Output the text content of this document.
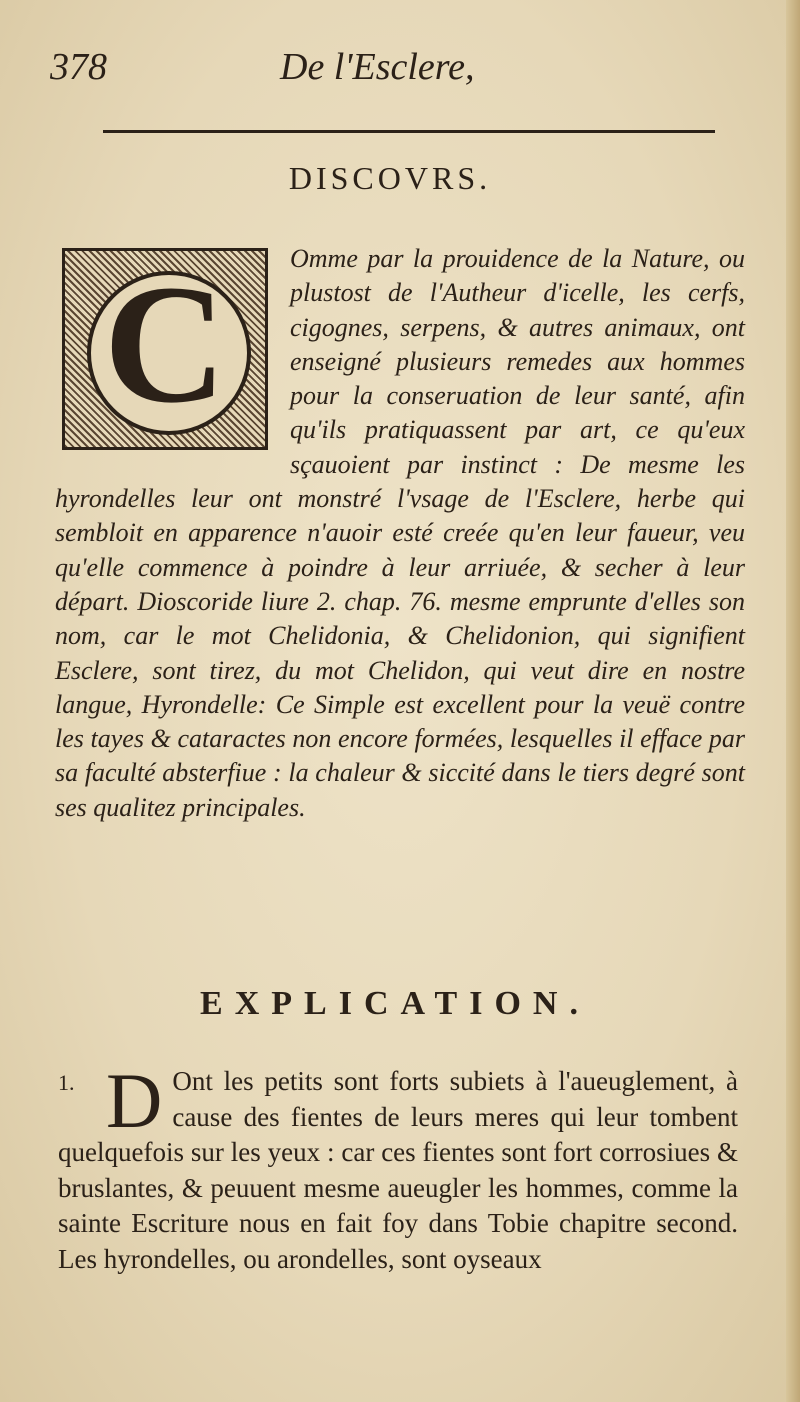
378	De l'Esclere,
DISCOVRS.
C	Omme par la prouidence de la Nature, ou plustost de l'Autheur d'icelle, les cerfs, cigognes, serpens, & autres animaux, ont enseigné plusieurs remedes aux hommes pour la conseruation de leur santé, afin qu'ils pratiquassent par art, ce qu'eux sçauoient par instinct : De mesme les hyrondelles leur ont monstré l'vsage de l'Esclere, herbe qui sembloit en apparence n'auoir esté creée qu'en leur faueur, veu qu'elle commence à poindre à leur arriuée, & secher à leur départ. Dioscoride liure 2. chap. 76. mesme emprunte d'elles son nom, car le mot Chelidonia, & Chelidonion, qui signifient Esclere, sont tirez, du mot Chelidon, qui veut dire en nostre langue, Hyrondelle: Ce Simple est excellent pour la veuë contre les tayes & cataractes non encore formées, lesquelles il efface par sa faculté absterfiue : la chaleur & siccité dans le tiers degré sont ses qualitez principales.

EXPLICATION.
1. D Ont les petits sont forts subiets à l'aueuglement, à cause des fientes de leurs meres qui leur tombent quelquefois sur les yeux : car ces fientes sont fort corrosiues & bruslantes, & peuuent mesme aueugler les hommes, comme la sainte Escriture nous en fait foy dans Tobie chapitre second. Les hyrondelles, ou arondelles, sont oyseaux
